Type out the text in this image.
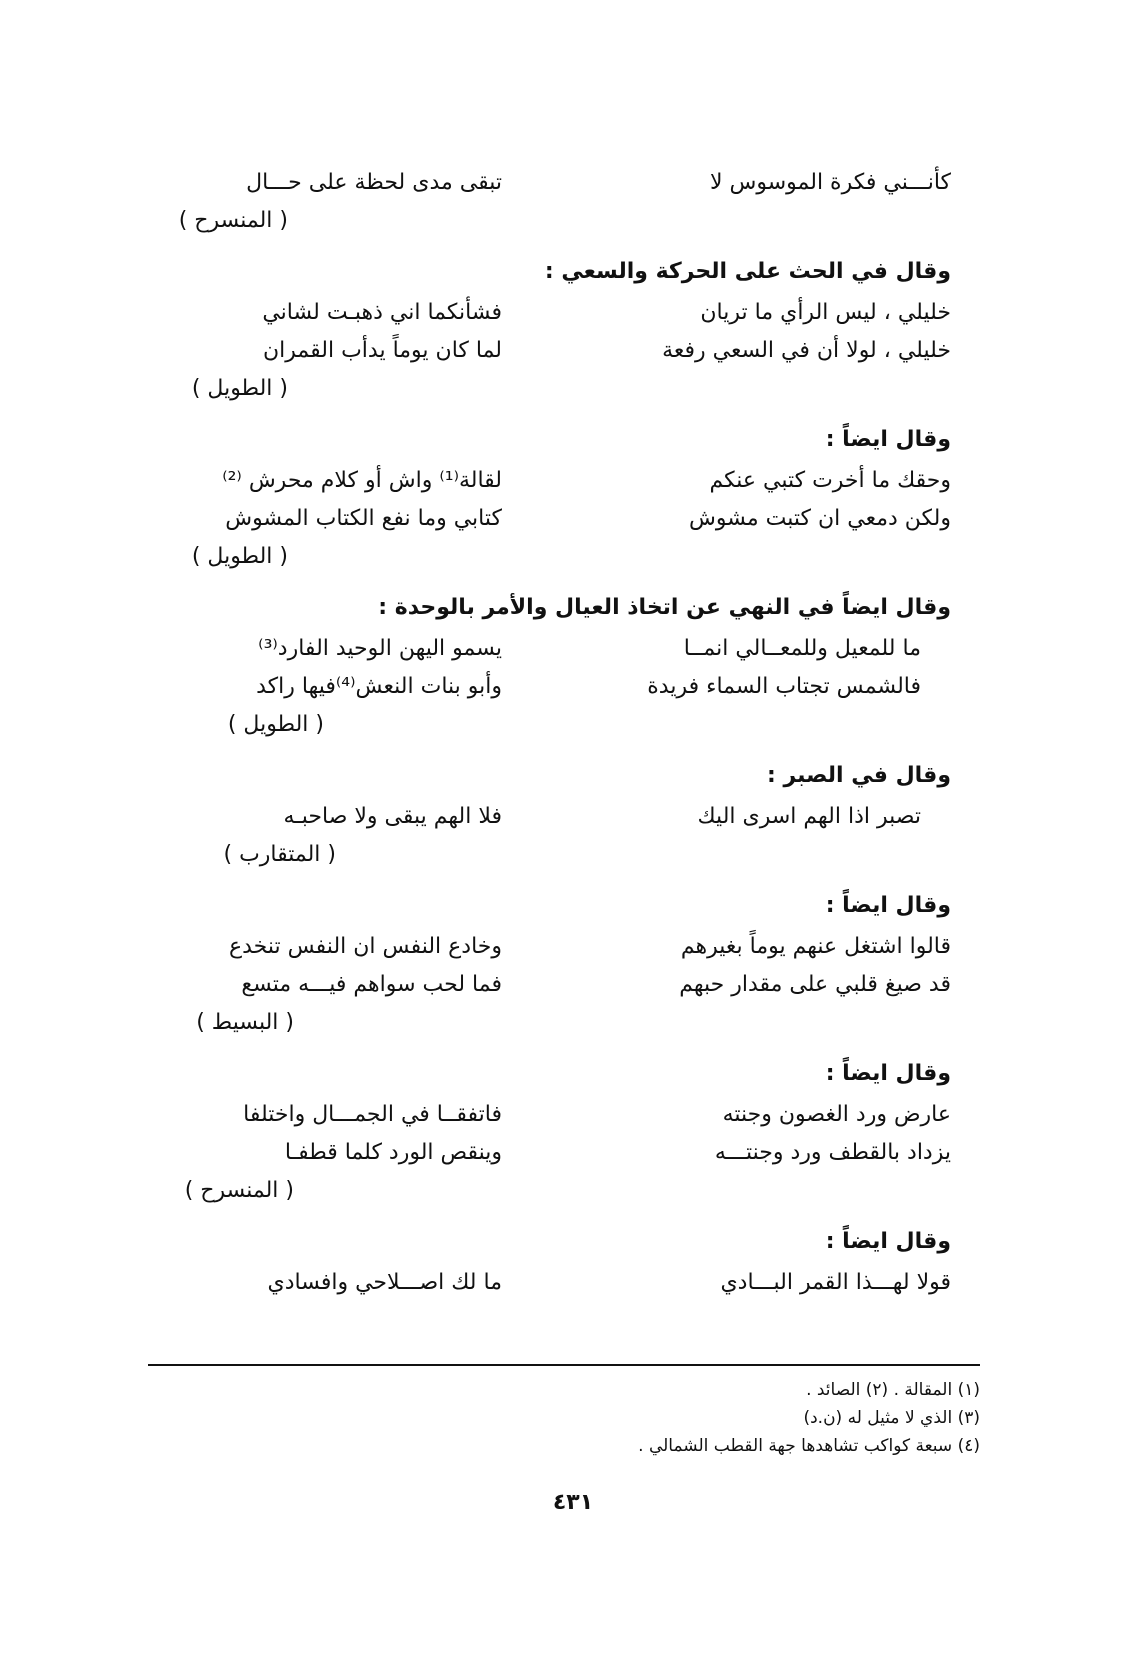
كأنـــني فكرة الموسوس لا
تبقى مدى لحظة على حـــال
( المنسرح )
وقال في الحث على الحركة والسعي :
خليلي ، ليس الرأي ما تريان
فشأنكما اني ذهبـت لشاني
خليلي ، لولا أن في السعي رفعة
لما كان يوماً يدأب القمران
( الطويل )
وقال ايضاً :
وحقك ما أخرت كتبي عنكم
لقالة⁽¹⁾ واش أو كلام محرش ⁽²⁾
ولكن دمعي ان كتبت مشوش
كتابي وما نفع الكتاب المشوش
( الطويل )
وقال ايضاً في النهي عن اتخاذ العيال والأمر بالوحدة :
ما للمعيل وللمعــالي انمــا
يسمو اليهن الوحيد الفارد⁽³⁾
فالشمس تجتاب السماء فريدة
وأبو بنات النعش⁽⁴⁾فيها راكد
( الطويل )
وقال في الصبر :
تصبر اذا الهم اسرى اليك
فلا الهم يبقى ولا صاحبـه
( المتقارب )
وقال ايضاً :
قالوا اشتغل عنهم يوماً بغيرهم
وخادع النفس ان النفس تنخدع
قد صيغ قلبي على مقدار حبهم
فما لحب سواهم فيـــه متسع
( البسيط )
وقال ايضاً :
عارض ورد الغصون وجنته
فاتفقــا في الجمـــال واختلفا
يزداد بالقطف ورد وجنتـــه
وينقص الورد كلما قطفـا
( المنسرح )
وقال ايضاً :
قولا لهـــذا القمر البـــادي
ما لك اصـــلاحي وافسادي
(١) المقالة . (٢) الصائد .
(٣) الذي لا مثيل له (ن.د)
(٤) سبعة كواكب تشاهدها جهة القطب الشمالي .
٤٣١
